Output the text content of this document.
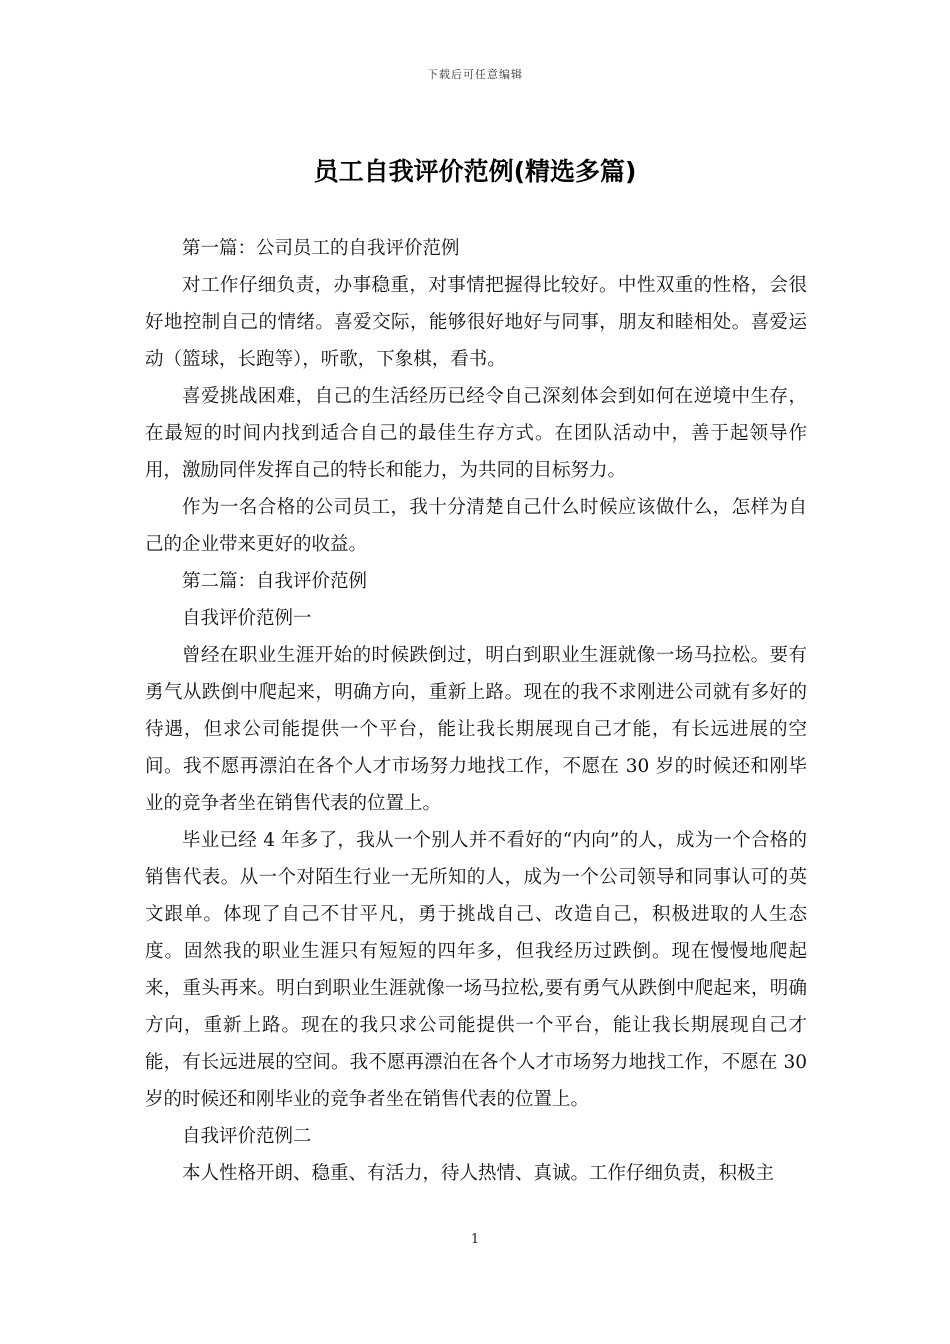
下载后可任意编辑
员工自我评价范例(精选多篇)

第一篇：公司员工的自我评价范例

对工作仔细负责，办事稳重，对事情把握得比较好。中性双重的性格，会很好地控制自己的情绪。喜爱交际，能够很好地好与同事，朋友和睦相处。喜爱运动（篮球，长跑等），听歌，下象棋，看书。

喜爱挑战困难，自己的生活经历已经令自己深刻体会到如何在逆境中生存，在最短的时间内找到适合自己的最佳生存方式。在团队活动中，善于起领导作用，激励同伴发挥自己的特长和能力，为共同的目标努力。

作为一名合格的公司员工，我十分清楚自己什么时候应该做什么，怎样为自己的企业带来更好的收益。

第二篇：自我评价范例

自我评价范例一

曾经在职业生涯开始的时候跌倒过，明白到职业生涯就像一场马拉松。要有勇气从跌倒中爬起来，明确方向，重新上路。现在的我不求刚进公司就有多好的待遇，但求公司能提供一个平台，能让我长期展现自己才能，有长远进展的空间。我不愿再漂泊在各个人才市场努力地找工作，不愿在 30 岁的时候还和刚毕业的竞争者坐在销售代表的位置上。

毕业已经 4 年多了，我从一个别人并不看好的“内向”的人，成为一个合格的销售代表。从一个对陌生行业一无所知的人，成为一个公司领导和同事认可的英文跟单。体现了自己不甘平凡，勇于挑战自己、改造自己，积极进取的人生态度。固然我的职业生涯只有短短的四年多，但我经历过跌倒。现在慢慢地爬起来，重头再来。明白到职业生涯就像一场马拉松,要有勇气从跌倒中爬起来，明确方向，重新上路。现在的我只求公司能提供一个平台，能让我长期展现自己才能，有长远进展的空间。我不愿再漂泊在各个人才市场努力地找工作，不愿在 30 岁的时候还和刚毕业的竞争者坐在销售代表的位置上。

自我评价范例二

本人性格开朗、稳重、有活力，待人热情、真诚。工作仔细负责，积极主

1
